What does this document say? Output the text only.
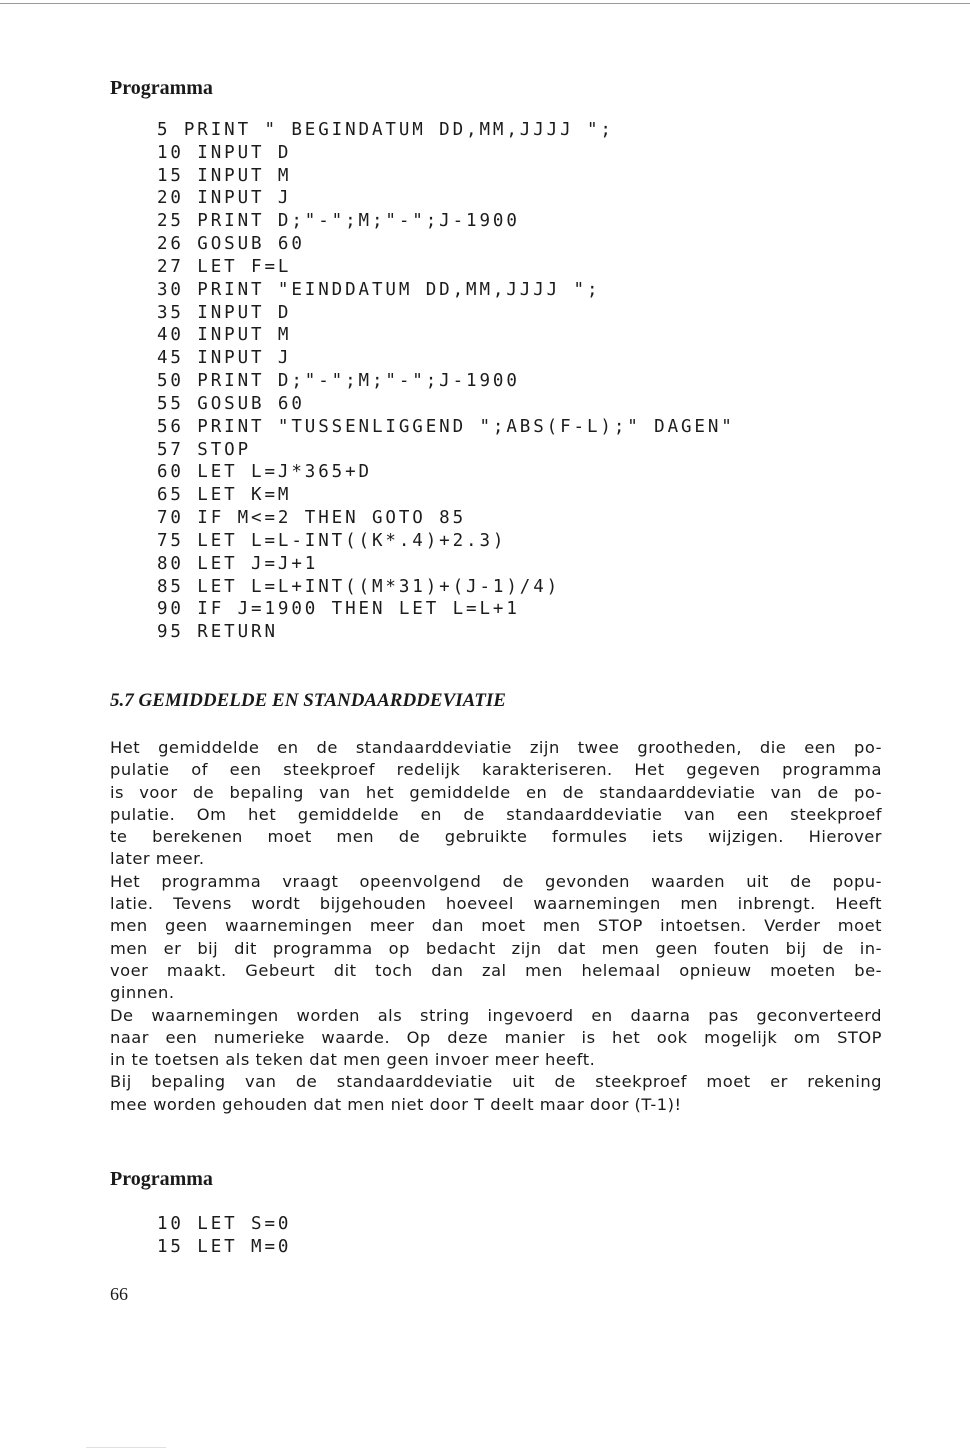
Programma
5 PRINT " BEGINDATUM DD,MM,JJJJ ";
10 INPUT D
15 INPUT M
20 INPUT J
25 PRINT D;"-";M;"-";J-1900
26 GOSUB 60
27 LET F=L
30 PRINT "EINDDATUM DD,MM,JJJJ ";
35 INPUT D
40 INPUT M
45 INPUT J
50 PRINT D;"-";M;"-";J-1900
55 GOSUB 60
56 PRINT "TUSSENLIGGEND ";ABS(F-L);" DAGEN"
57 STOP
60 LET L=J*365+D
65 LET K=M
70 IF M<=2 THEN GOTO 85
75 LET L=L-INT((K*.4)+2.3)
80 LET J=J+1
85 LET L=L+INT((M*31)+(J-1)/4)
90 IF J=1900 THEN LET L=L+1
95 RETURN
5.7 GEMIDDELDE EN STANDAARDDEVIATIE
Het gemiddelde en de standaarddeviatie zijn twee grootheden, die een po-
pulatie of een steekproef redelijk karakteriseren. Het gegeven programma
is voor de bepaling van het gemiddelde en de standaarddeviatie van de po-
pulatie. Om het gemiddelde en de standaarddeviatie van een steekproef
te berekenen moet men de gebruikte formules iets wijzigen. Hierover
later meer.
Het programma vraagt opeenvolgend de gevonden waarden uit de popu-
latie. Tevens wordt bijgehouden hoeveel waarnemingen men inbrengt. Heeft
men geen waarnemingen meer dan moet men STOP intoetsen. Verder moet
men er bij dit programma op bedacht zijn dat men geen fouten bij de in-
voer maakt. Gebeurt dit toch dan zal men helemaal opnieuw moeten be-
ginnen.
De waarnemingen worden als string ingevoerd en daarna pas geconverteerd
naar een numerieke waarde. Op deze manier is het ook mogelijk om STOP
in te toetsen als teken dat men geen invoer meer heeft.
Bij bepaling van de standaarddeviatie uit de steekproef moet er rekening
mee worden gehouden dat men niet door T deelt maar door (T-1)!
Programma
10 LET S=0
15 LET M=0
66
